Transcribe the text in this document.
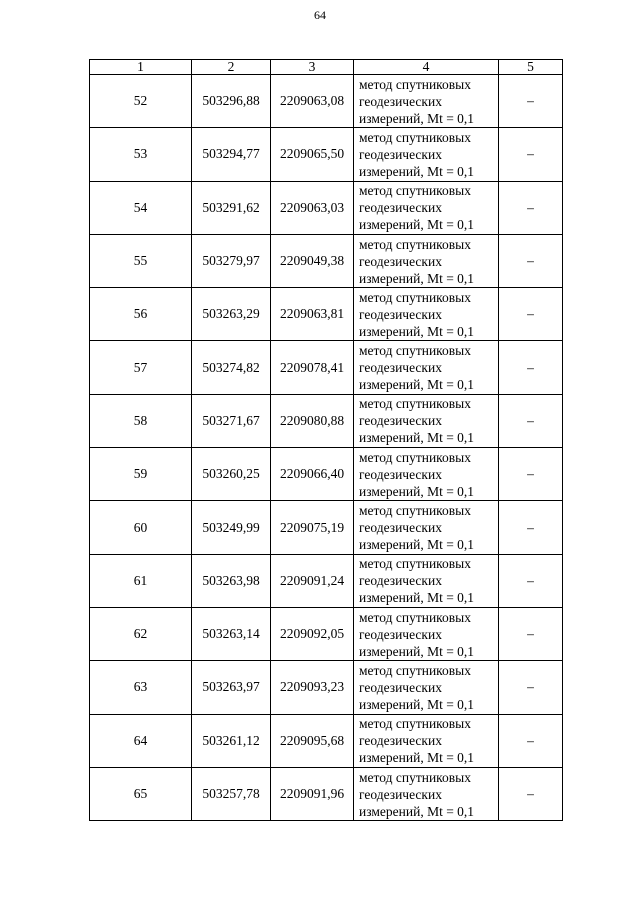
64
1	2	3	4	5
52	503296,88	2209063,08	метод спутниковых
геодезических
измерений, Mt = 0,1	–
53	503294,77	2209065,50	метод спутниковых
геодезических
измерений, Mt = 0,1	–
54	503291,62	2209063,03	метод спутниковых
геодезических
измерений, Mt = 0,1	–
55	503279,97	2209049,38	метод спутниковых
геодезических
измерений, Mt = 0,1	–
56	503263,29	2209063,81	метод спутниковых
геодезических
измерений, Mt = 0,1	–
57	503274,82	2209078,41	метод спутниковых
геодезических
измерений, Mt = 0,1	–
58	503271,67	2209080,88	метод спутниковых
геодезических
измерений, Mt = 0,1	–
59	503260,25	2209066,40	метод спутниковых
геодезических
измерений, Mt = 0,1	–
60	503249,99	2209075,19	метод спутниковых
геодезических
измерений, Mt = 0,1	–
61	503263,98	2209091,24	метод спутниковых
геодезических
измерений, Mt = 0,1	–
62	503263,14	2209092,05	метод спутниковых
геодезических
измерений, Mt = 0,1	–
63	503263,97	2209093,23	метод спутниковых
геодезических
измерений, Mt = 0,1	–
64	503261,12	2209095,68	метод спутниковых
геодезических
измерений, Mt = 0,1	–
65	503257,78	2209091,96	метод спутниковых
геодезических
измерений, Mt = 0,1	–
